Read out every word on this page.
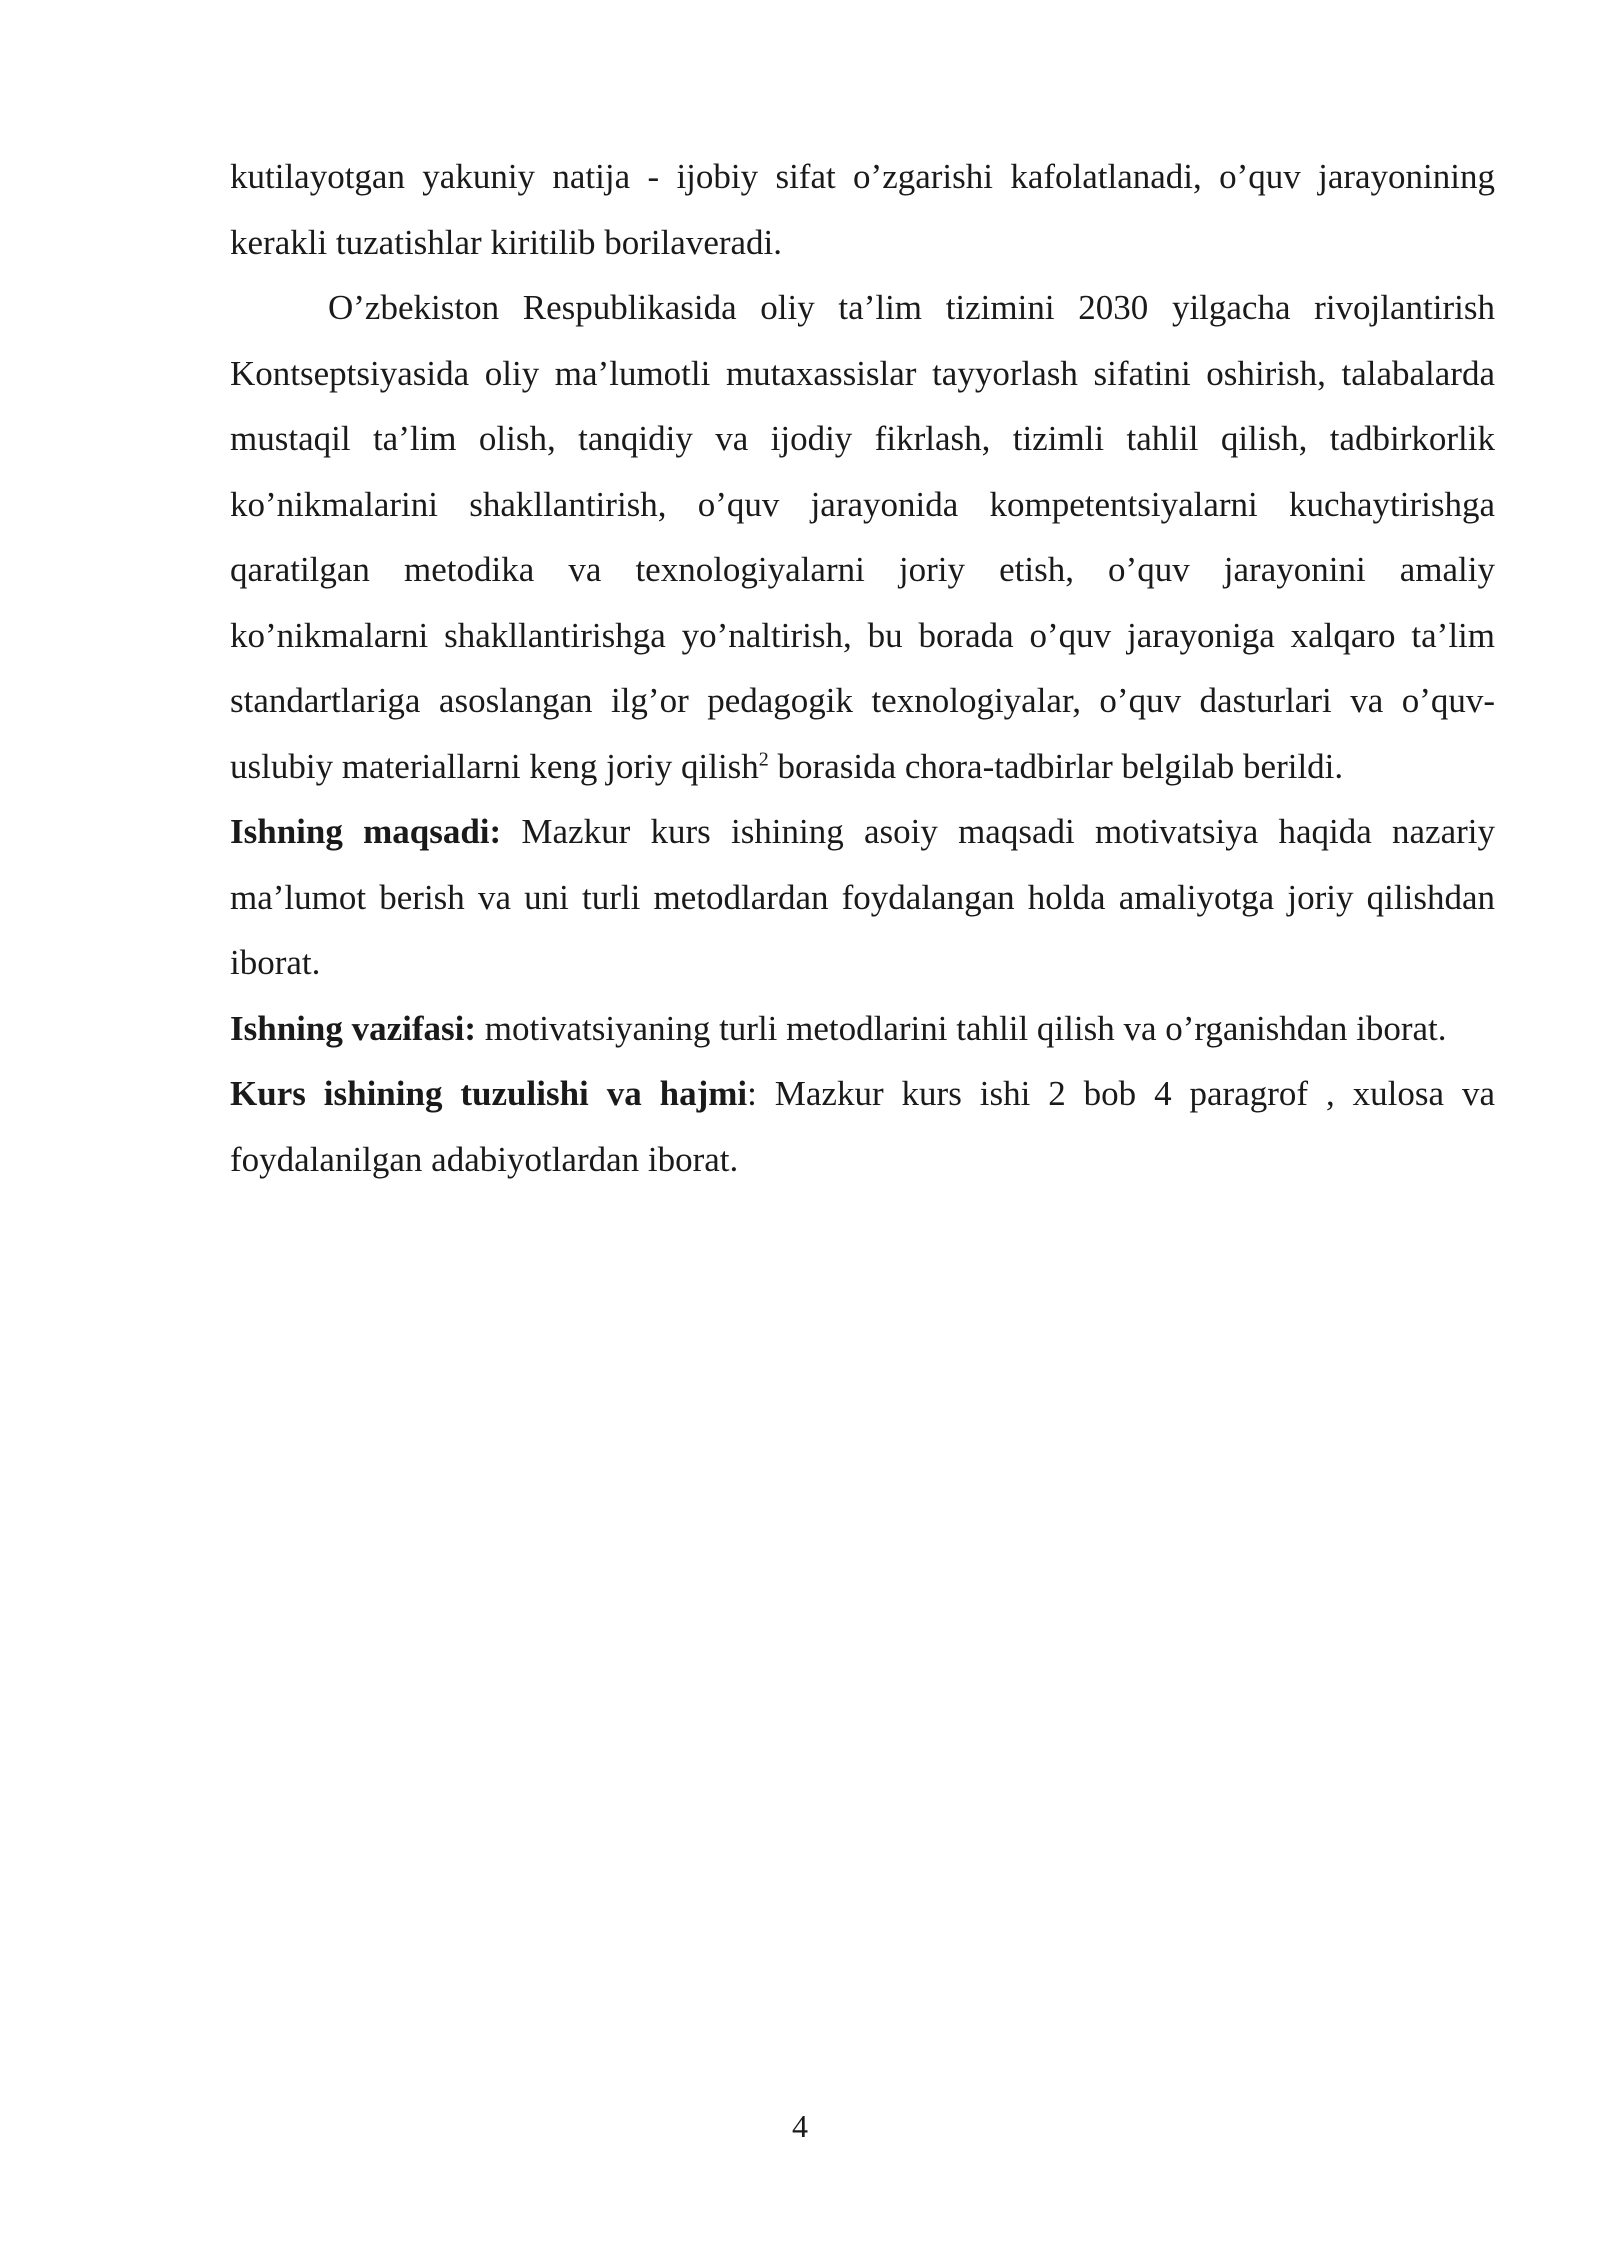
kutilayotgan yakuniy natija - ijobiy sifat o’zgarishi kafolatlanadi, o’quv jarayonining kerakli tuzatishlar kiritilib borilaveradi.

O’zbekiston Respublikasida oliy ta’lim tizimini 2030 yilgacha rivojlantirish Kontseptsiyasida oliy ma’lumotli mutaxassislar tayyorlash sifatini oshirish, talabalarda mustaqil ta’lim olish, tanqidiy va ijodiy fikrlash, tizimli tahlil qilish, tadbirkorlik ko’nikmalarini shakllantirish, o’quv jarayonida kompetentsiyalarni kuchaytirishga qaratilgan metodika va texnologiyalarni joriy etish, o’quv jarayonini amaliy ko’nikmalarni shakllantirishga yo’naltirish, bu borada o’quv jarayoniga xalqaro ta’lim standartlariga asoslangan ilg’or pedagogik texnologiyalar, o’quv dasturlari va o’quv-uslubiy materiallarni keng joriy qilish$^2$ borasida chora-tadbirlar belgilab berildi.

Ishning maqsadi: Mazkur kurs ishining asoiy maqsadi motivatsiya haqida nazariy ma’lumot berish va uni turli metodlardan foydalangan holda amaliyotga joriy qilishdan iborat.

Ishning vazifasi: motivatsiyaning turli metodlarini tahlil qilish va o’rganishdan iborat.

Kurs ishining tuzulishi va hajmi: Mazkur kurs ishi 2 bob 4 paragrof , xulosa va foydalanilgan adabiyotlardan iborat.

4
